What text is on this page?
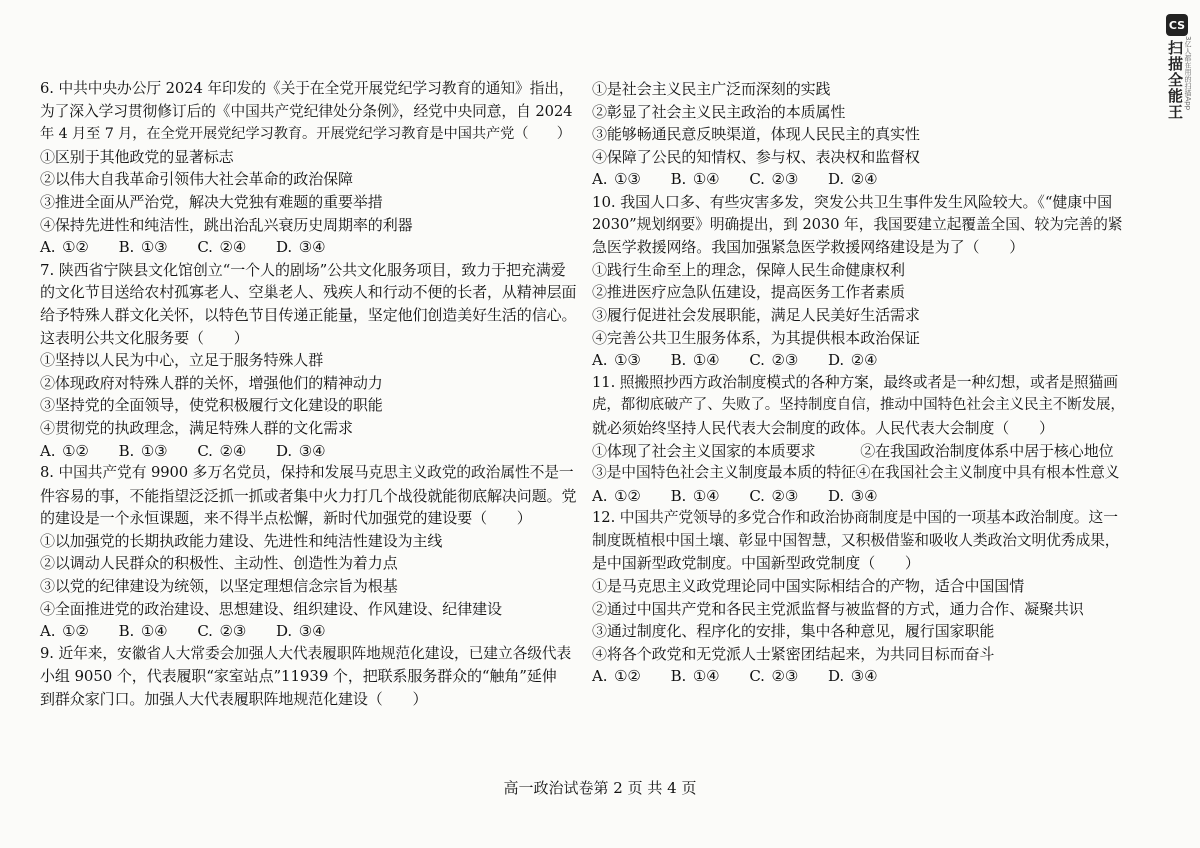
CS
扫描全能王 3亿人都在用的扫描App
6. 中共中央办公厅 2024 年印发的《关于在全党开展党纪学习教育的通知》指出，
为了深入学习贯彻修订后的《中国共产党纪律处分条例》，经党中央同意，自 2024
年 4 月至 7 月，在全党开展党纪学习教育。开展党纪学习教育是中国共产党（　　）
①区别于其他政党的显著标志
②以伟大自我革命引领伟大社会革命的政治保障
③推进全面从严治党，解决大党独有难题的重要举措
④保持先进性和纯洁性，跳出治乱兴衰历史周期率的利器
A. ①②　　B. ①③　　C. ②④　　D. ③④
7. 陕西省宁陕县文化馆创立“一个人的剧场”公共文化服务项目，致力于把充满爱
的文化节目送给农村孤寡老人、空巢老人、残疾人和行动不便的长者，从精神层面
给予特殊人群文化关怀，以特色节目传递正能量，坚定他们创造美好生活的信心。
这表明公共文化服务要（　　）
①坚持以人民为中心，立足于服务特殊人群
②体现政府对特殊人群的关怀，增强他们的精神动力
③坚持党的全面领导，使党积极履行文化建设的职能
④贯彻党的执政理念，满足特殊人群的文化需求
A. ①②　　B. ①③　　C. ②④　　D. ③④
8. 中国共产党有 9900 多万名党员，保持和发展马克思主义政党的政治属性不是一
件容易的事，不能指望泛泛抓一抓或者集中火力打几个战役就能彻底解决问题。党
的建设是一个永恒课题，来不得半点松懈，新时代加强党的建设要（　　）
①以加强党的长期执政能力建设、先进性和纯洁性建设为主线
②以调动人民群众的积极性、主动性、创造性为着力点
③以党的纪律建设为统领，以坚定理想信念宗旨为根基
④全面推进党的政治建设、思想建设、组织建设、作风建设、纪律建设
A. ①②　　B. ①④　　C. ②③　　D. ③④
9. 近年来，安徽省人大常委会加强人大代表履职阵地规范化建设，已建立各级代表
小组 9050 个，代表履职“家室站点”11939 个，把联系服务群众的“触角”延伸
到群众家门口。加强人大代表履职阵地规范化建设（　　）
①是社会主义民主广泛而深刻的实践
②彰显了社会主义民主政治的本质属性
③能够畅通民意反映渠道，体现人民民主的真实性
④保障了公民的知情权、参与权、表决权和监督权
A. ①③　　B. ①④　　C. ②③　　D. ②④
10. 我国人口多、有些灾害多发，突发公共卫生事件发生风险较大。《“健康中国
2030”规划纲要》明确提出，到 2030 年，我国要建立起覆盖全国、较为完善的紧
急医学救援网络。我国加强紧急医学救援网络建设是为了（　　）
①践行生命至上的理念，保障人民生命健康权利
②推进医疗应急队伍建设，提高医务工作者素质
③履行促进社会发展职能，满足人民美好生活需求
④完善公共卫生服务体系，为其提供根本政治保证
A. ①③　　B. ①④　　C. ②③　　D. ②④
11. 照搬照抄西方政治制度模式的各种方案，最终或者是一种幻想，或者是照猫画
虎，都彻底破产了、失败了。坚持制度自信，推动中国特色社会主义民主不断发展，
就必须始终坚持人民代表大会制度的政体。人民代表大会制度（　　）
①体现了社会主义国家的本质要求　　　②在我国政治制度体系中居于核心地位
③是中国特色社会主义制度最本质的特征④在我国社会主义制度中具有根本性意义
A. ①②　　B. ①④　　C. ②③　　D. ③④
12. 中国共产党领导的多党合作和政治协商制度是中国的一项基本政治制度。这一
制度既植根中国土壤、彰显中国智慧，又积极借鉴和吸收人类政治文明优秀成果，
是中国新型政党制度。中国新型政党制度（　　）
①是马克思主义政党理论同中国实际相结合的产物，适合中国国情
②通过中国共产党和各民主党派监督与被监督的方式，通力合作、凝聚共识
③通过制度化、程序化的安排，集中各种意见，履行国家职能
④将各个政党和无党派人士紧密团结起来，为共同目标而奋斗
A. ①②　　B. ①④　　C. ②③　　D. ③④
高一政治试卷第 2 页 共 4 页
